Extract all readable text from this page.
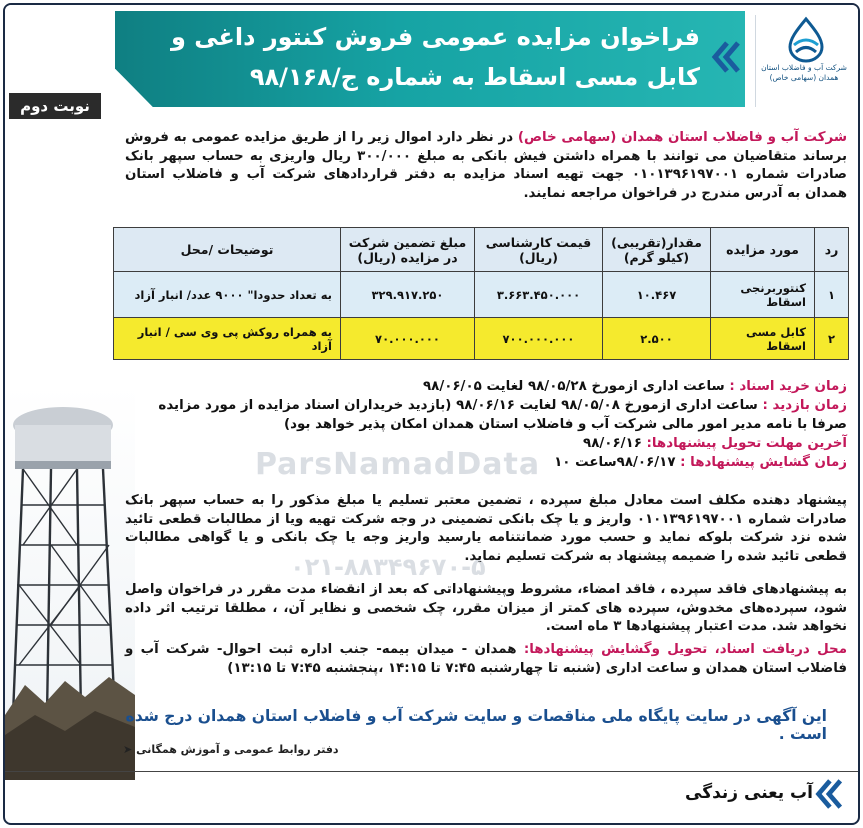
فراخوان مزایده عمومی فروش کنتور داغی و
کابل مسی اسقاط به شماره ج/۹۸/۱۶۸	شرکت آب و فاضلاب استان همدان (سهامی خاص)
نوبت دوم
ParsNamadData
۰۲۱-۸۸۳۴۹۶۷۰-۵
شرکت آب و فاضلاب استان همدان (سهامی خاص) در نظر دارد اموال زیر را از طریق مزایده عمومی به فروش برساند متقاضیان می توانند با همراه داشتن فیش بانکی به مبلغ ۳۰۰/۰۰۰ ریال واریزی به حساب سپهر بانک صادرات شماره ۰۱۰۱۳۹۶۱۹۷۰۰۱ جهت تهیه اسناد مزایده به دفتر قراردادهای شرکت آب و فاضلاب استان همدان به آدرس مندرج در فراخوان مراجعه نمایند.
رد	مورد مزایده	مقدار(تقریبی) (کیلو گرم)	قیمت کارشناسی (ریال)	مبلغ تضمین شرکت در مزایده (ریال)	توضیحات /محل
۱	کنتوربرنجی اسقاط	۱۰.۴۶۷	۳.۶۶۳.۴۵۰.۰۰۰	۳۲۹.۹۱۷.۲۵۰	به تعداد حدودا" ۹۰۰۰ عدد/ انبار آزاد
۲	کابل مسی اسقاط	۲.۵۰۰	۷۰۰.۰۰۰.۰۰۰	۷۰.۰۰۰.۰۰۰	به همراه روکش پی وی سی / انبار آزاد
زمان خرید اسناد : ساعت اداری ازمورخ ۹۸/۰۵/۲۸ لغایت ۹۸/۰۶/۰۵
زمان بازدید : ساعت اداری ازمورخ ۹۸/۰۵/۰۸ لغایت ۹۸/۰۶/۱۶ (بازدید خریداران اسناد مزایده از مورد مزایده صرفا با نامه مدیر امور مالی شرکت آب و فاضلاب استان همدان امکان پذیر خواهد بود)
آخرین مهلت تحویل پیشنهادها: ۹۸/۰۶/۱۶
زمان گشایش پیشنهادها : ۹۸/۰۶/۱۷ساعت ۱۰
پیشنهاد دهنده مکلف است معادل مبلغ سپرده ، تضمین معتبر تسلیم یا مبلغ مذکور را به حساب سپهر بانک صادرات شماره ۰۱۰۱۳۹۶۱۹۷۰۰۱ واریز و یا چک بانکی تضمینی در وجه شرکت تهیه ویا از مطالبات قطعی تائید شده نزد شرکت بلوکه نماید و حسب مورد ضمانتنامه یارسید واریز وجه یا چک بانکی و یا گواهی مطالبات قطعی تائید شده را ضمیمه پیشنهاد به شرکت تسلیم نماید.
به پیشنهادهای فاقد سپرده ، فاقد امضاء، مشروط وپیشنهاداتی که بعد از انقضاء مدت مقرر در فراخوان واصل شود، سپرده‌های مخدوش، سپرده های کمتر از میزان مقرر، چک شخصی و نظایر آن، ، مطلقا ترتیب اثر داده نخواهد شد. مدت اعتبار پیشنهادها ۳ ماه است.
محل دریافت اسناد، تحویل وگشایش پیشنهادها: همدان - میدان بیمه- جنب اداره ثبت احوال- شرکت آب و فاضلاب استان همدان و ساعت اداری (شنبه تا چهارشنبه ۷:۴۵ تا ۱۴:۱۵ ،پنجشنبه ۷:۴۵ تا ۱۳:۱۵)
این آگهی در سایت پایگاه ملی مناقصات و سایت شرکت آب و فاضلاب استان همدان درج شده است .
دفتر روابط عمومی و آموزش همگانی ➤
آب یعنی زندگی
